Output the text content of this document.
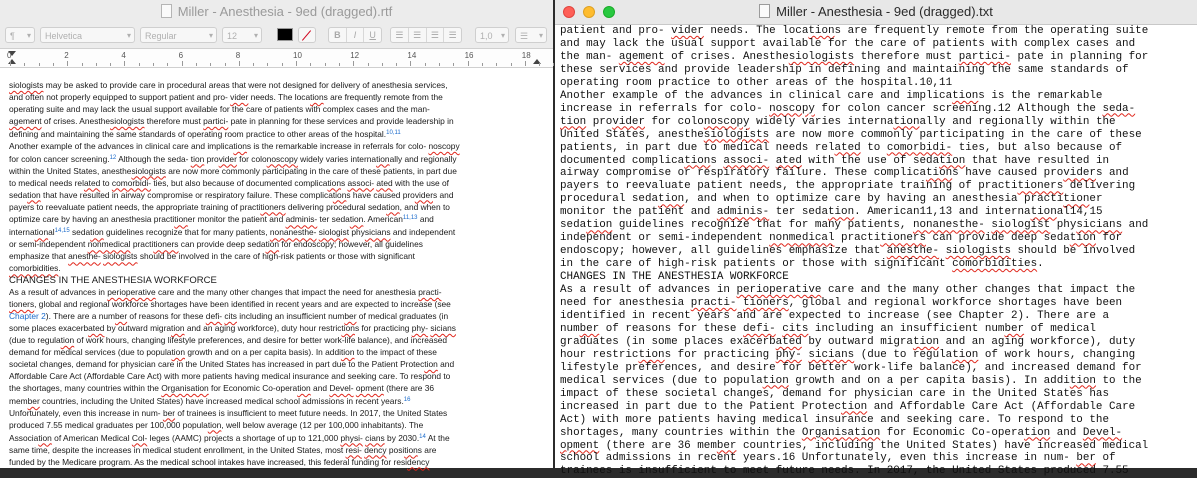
Miller - Anesthesia - 9ed (dragged).rtf
¶ ▾	Helvetica	▾	Regular	▾	12 ▾	B	I	U	☰	☰	☰	☰	1,0 ▾	☰ ▾
0	2	4	6	8	10	12	14	16	18
siologists may be asked to provide care in procedural areas that were not designed for delivery of anesthesia services,
and often not properly equipped to support patient and pro- vider needs. The locations are frequently remote from the
operating suite and may lack the usual support available for the care of patients with complex cases and the man-
agement of crises. Anesthesiologists therefore must partici- pate in planning for these services and provide leadership in
defining and maintaining the same standards of operating room practice to other areas of the hospital.$^{10,11}$
Another example of the advances in clinical care and implications is the remarkable increase in referrals for colo- noscopy
for colon cancer screening.$^{12}$ Although the seda- tion provider for colonoscopy widely varies internationally and regionally
within the United States, anesthesiologists are now more commonly participating in the care of these patients, in part due
to medical needs related to comorbidi- ties, but also because of documented complications associ- ated with the use of
sedation that have resulted in airway compromise or respiratory failure. These complications have caused providers and
payers to reevaluate patient needs, the appropriate training of practitioners delivering procedural sedation, and when to
optimize care by having an anesthesia practitioner monitor the patient and adminis- ter sedation. American$^{11,13}$ and
international$^{14,15}$ sedation guidelines recognize that for many patients, nonanesthe- siologist physicians and independent
or semi-independent nonmedical practitioners can provide deep sedation for endoscopy; however, all guidelines
emphasize that anesthe- siologists should be involved in the care of high-risk patients or those with significant
comorbidities.
CHANGES IN THE ANESTHESIA WORKFORCE
As a result of advances in perioperative care and the many other changes that impact the need for anesthesia practi-
tioners, global and regional workforce shortages have been identified in recent years and are expected to increase (see
Chapter 2). There are a number of reasons for these defi- cits including an insufficient number of medical graduates (in
some places exacerbated by outward migration and an aging workforce), duty hour restrictions for practicing phy- sicians
(due to regulation of work hours, changing lifestyle preferences, and desire for better work-life balance), and increased
demand for medical services (due to population growth and on a per capita basis). In addition to the impact of these
societal changes, demand for physician care in the United States has increased in part due to the Patient Protection and
Affordable Care Act (Affordable Care Act) with more patients having medical insurance and seeking care. To respond to
the shortages, many countries within the Organisation for Economic Co-operation and Devel- opment (there are 36
member countries, including the United States) have increased medical school admissions in recent years.$^{16}$
Unfortunately, even this increase in num- ber of trainees is insufficient to meet future needs. In 2017, the United States
produced 7.55 medical graduates per 100,000 population, well below average (12 per 100,000 inhabitants). The
Association of American Medical Col- leges (AAMC) projects a shortage of up to 121,000 physi- cians by 2030.14 At the
same time, despite the increases in medical student enrollment, in the United States, most resi- dency positions are
funded by the Medicare program. As the medical school intakes have increased, this federal funding for residency
Miller - Anesthesia - 9ed (dragged).txt
patient and pro- vider needs. The locations are frequently remote from the operating suite
and may lack the usual support available for the care of patients with complex cases and
the man- agement of crises. Anesthesiologists therefore must partici- pate in planning for
these services and provide leadership in defining and maintaining the same standards of
operating room practice to other areas of the hospital.10,11
Another example of the advances in clinical care and implications is the remarkable
increase in referrals for colo- noscopy for colon cancer screening.12 Although the seda-
tion provider for colonoscopy widely varies internationally and regionally within the
United States, anesthesiologists are now more commonly participating in the care of these
patients, in part due to medical needs related to comorbidi- ties, but also because of
documented complications associ- ated with the use of sedation that have resulted in
airway compromise or respiratory failure. These complications have caused providers and
payers to reevaluate patient needs, the appropriate training of practitioners delivering
procedural sedation, and when to optimize care by having an anesthesia practitioner
monitor the patient and adminis- ter sedation. American11,13 and international14,15
sedation guidelines recognize that for many patients, nonanesthe- siologist physicians and
independent or semi-independent nonmedical practitioners can provide deep sedation for
endoscopy; however, all guidelines emphasize that anesthe- siologists should be involved
in the care of high-risk patients or those with significant comorbidities.
CHANGES IN THE ANESTHESIA WORKFORCE
As a result of advances in perioperative care and the many other changes that impact the
need for anesthesia practi- tioners, global and regional workforce shortages have been
identified in recent years and are expected to increase (see Chapter 2). There are a
number of reasons for these defi- cits including an insufficient number of medical
graduates (in some places exacerbated by outward migration and an aging workforce), duty
hour restrictions for practicing phy- sicians (due to regulation of work hours, changing
lifestyle preferences, and desire for better work-life balance), and increased demand for
medical services (due to population growth and on a per capita basis). In addition to the
impact of these societal changes, demand for physician care in the United States has
increased in part due to the Patient Protection and Affordable Care Act (Affordable Care
Act) with more patients having medical insurance and seeking care. To respond to the
shortages, many countries within the Organisation for Economic Co-operation and Devel-
opment (there are 36 member countries, including the United States) have increased medical
school admissions in recent years.16 Unfortunately, even this increase in num- ber of
trainees is insufficient to meet future needs. In 2017, the United States produced 7.55
